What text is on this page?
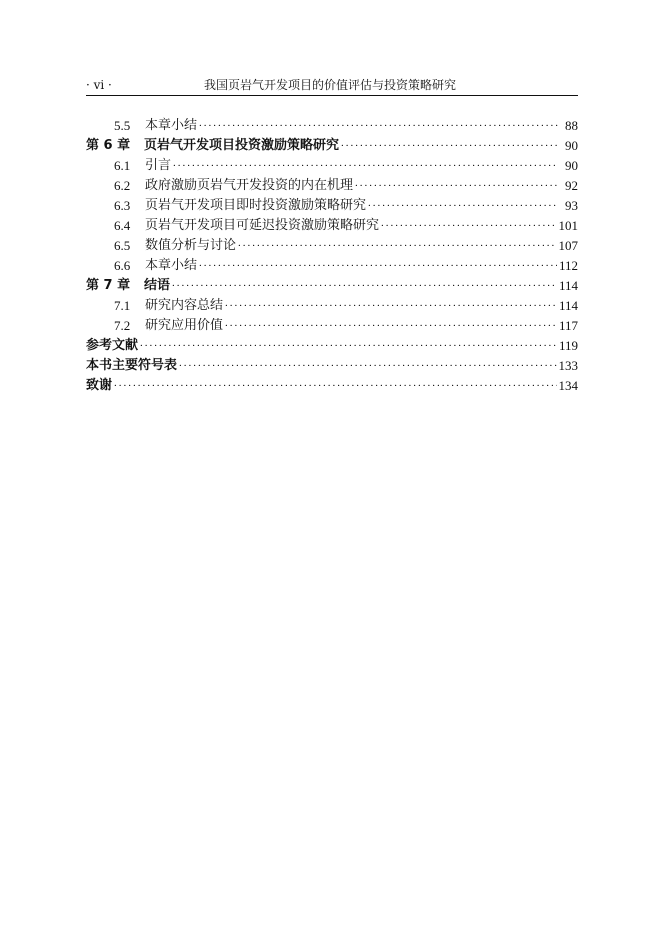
· vi ·	我国页岩气开发项目的价值评估与投资策略研究
5.5	本章小结 .....	88
第 6 章	页岩气开发项目投资激励策略研究 .....	90
6.1	引言 .....	90
6.2	政府激励页岩气开发投资的内在机理 .....	92
6.3	页岩气开发项目即时投资激励策略研究 .....	93
6.4	页岩气开发项目可延迟投资激励策略研究 .....	101
6.5	数值分析与讨论 .....	107
6.6	本章小结 .....	112
第 7 章	结语 .....	114
7.1	研究内容总结 .....	114
7.2	研究应用价值 .....	117
参考文献 .....	119
本书主要符号表 .....	133
致谢 .....	134
